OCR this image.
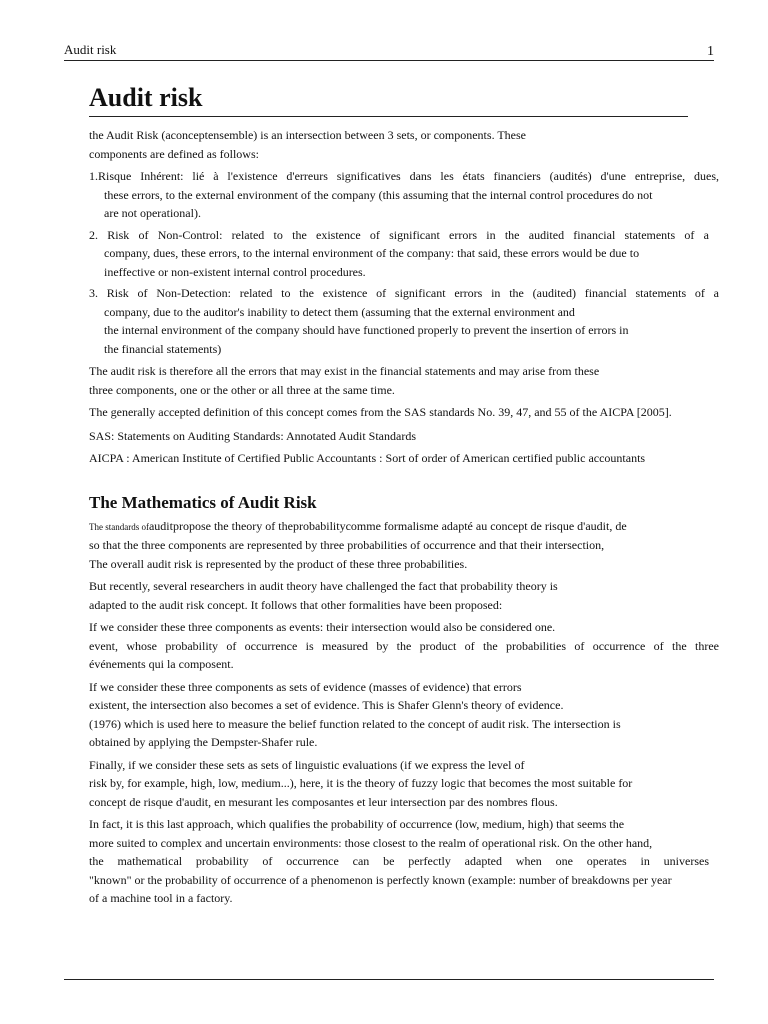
Audit risk	1
Audit risk
the Audit Risk (aconceptensemble) is an intersection between 3 sets, or components. These
components are defined as follows:
1.Risque Inhérent: lié à l'existence d'erreurs significatives dans les états financiers (audités) d'une entreprise, dues,
these errors, to the external environment of the company (this assuming that the internal control procedures do not
are not operational).
2. Risk of Non-Control: related to the existence of significant errors in the audited financial statements of a
company, dues, these errors, to the internal environment of the company: that said, these errors would be due to
ineffective or non-existent internal control procedures.
3. Risk of Non-Detection: related to the existence of significant errors in the (audited) financial statements of a
company, due to the auditor's inability to detect them (assuming that the external environment and
the internal environment of the company should have functioned properly to prevent the insertion of errors in
the financial statements)
The audit risk is therefore all the errors that may exist in the financial statements and may arise from these
three components, one or the other or all three at the same time.
The generally accepted definition of this concept comes from the SAS standards No. 39, 47, and 55 of the AICPA [2005].
SAS: Statements on Auditing Standards: Annotated Audit Standards
AICPA : American Institute of Certified Public Accountants : Sort of order of American certified public accountants
The Mathematics of Audit Risk
The standards ofauditpropose the theory of theprobabilitycomme formalisme adapté au concept de risque d'audit, de
so that the three components are represented by three probabilities of occurrence and that their intersection,
The overall audit risk is represented by the product of these three probabilities.
But recently, several researchers in audit theory have challenged the fact that probability theory is
adapted to the audit risk concept. It follows that other formalities have been proposed:
If we consider these three components as events: their intersection would also be considered one.
event, whose probability of occurrence is measured by the product of the probabilities of occurrence of the three
événements qui la composent.
If we consider these three components as sets of evidence (masses of evidence) that errors
existent, the intersection also becomes a set of evidence. This is Shafer Glenn's theory of evidence.
(1976) which is used here to measure the belief function related to the concept of audit risk. The intersection is
obtained by applying the Dempster-Shafer rule.
Finally, if we consider these sets as sets of linguistic evaluations (if we express the level of
risk by, for example, high, low, medium...), here, it is the theory of fuzzy logic that becomes the most suitable for
concept de risque d'audit, en mesurant les composantes et leur intersection par des nombres flous.
In fact, it is this last approach, which qualifies the probability of occurrence (low, medium, high) that seems the
more suited to complex and uncertain environments: those closest to the realm of operational risk. On the other hand,
the mathematical probability of occurrence can be perfectly adapted when one operates in universes
"known" or the probability of occurrence of a phenomenon is perfectly known (example: number of breakdowns per year
of a machine tool in a factory.
